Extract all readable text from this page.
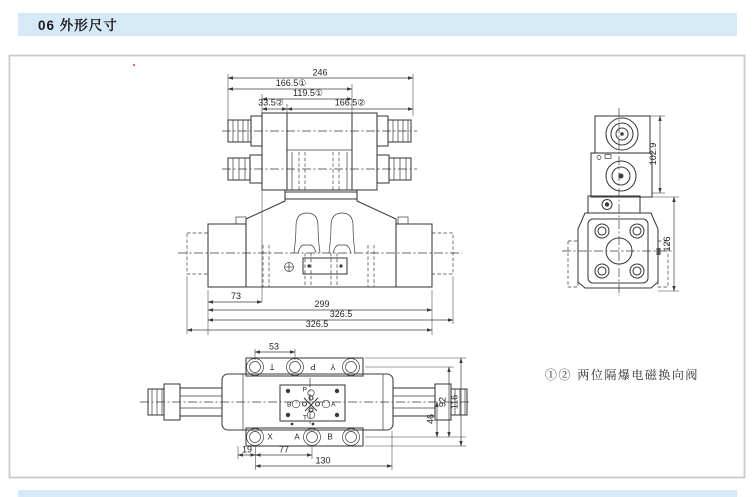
06 外形尺寸
246
166.5①
119.5①
33.5②	166.5②
73
299
326.5
326.5
102.9
126
T	P Y
X	A	B
P
B	A
T
53
19	77
130
46
92 116
①② 两位隔爆电磁换向阀
